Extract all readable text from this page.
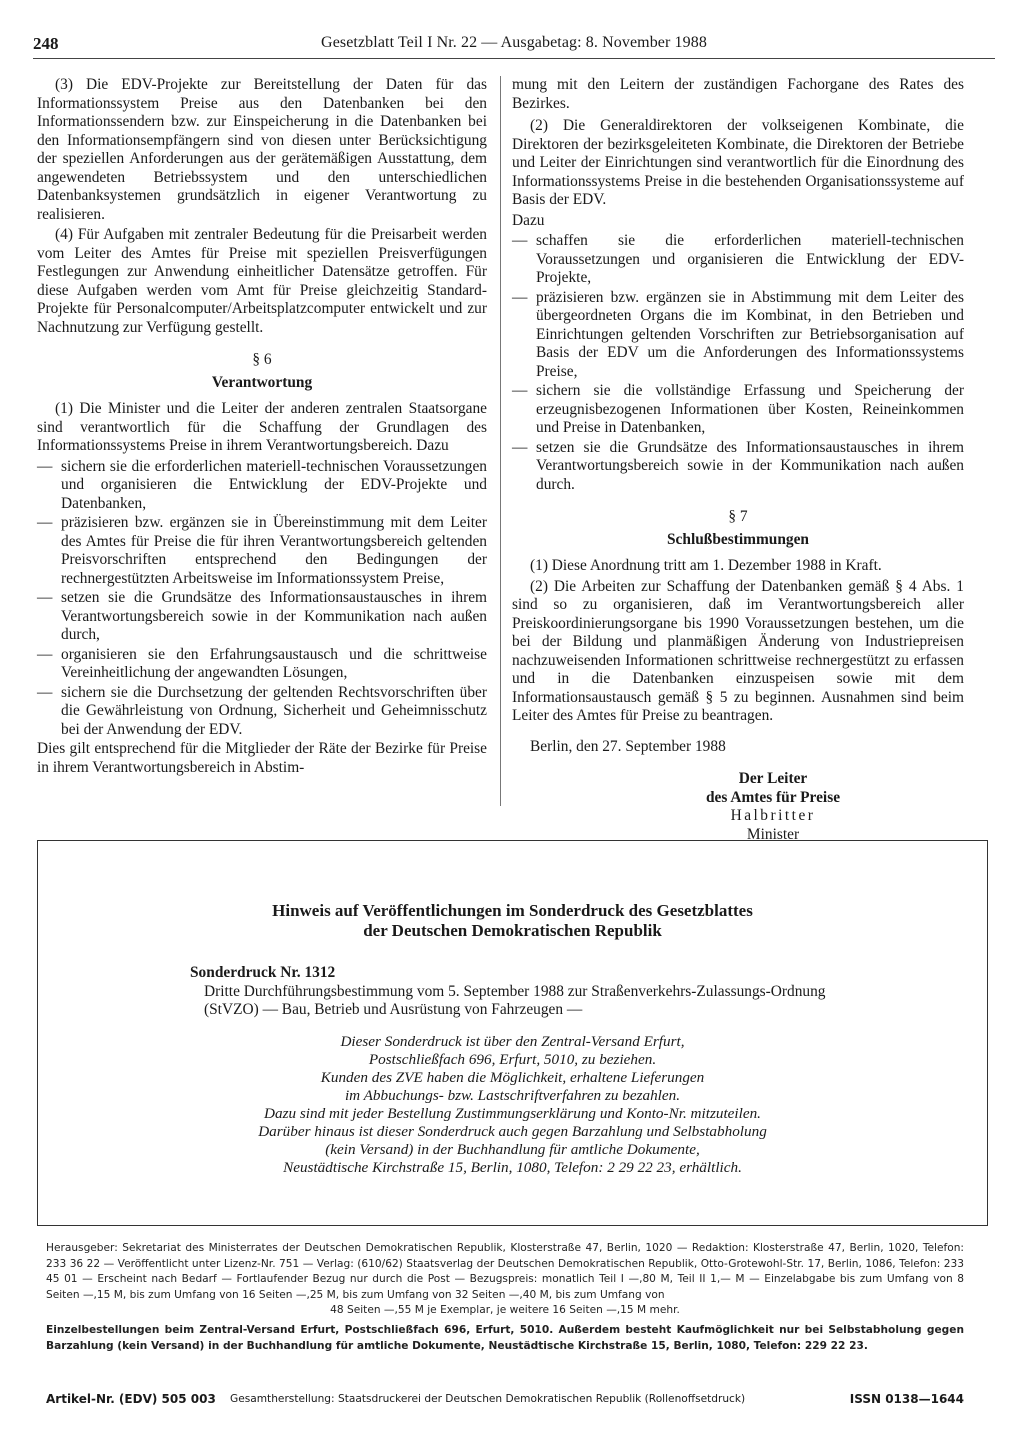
248	Gesetzblatt Teil I Nr. 22 — Ausgabetag: 8. November 1988

(3) Die EDV-Projekte zur Bereitstellung der Daten für das Informationssystem Preise aus den Datenbanken bei den Informationssendern bzw. zur Einspeicherung in die Datenbanken bei den Informationsempfängern sind von diesen unter Berücksichtigung der speziellen Anforderungen aus der gerätemäßigen Ausstattung, dem angewendeten Betriebssystem und den unterschiedlichen Datenbanksystemen grundsätzlich in eigener Verantwortung zu realisieren.

(4) Für Aufgaben mit zentraler Bedeutung für die Preisarbeit werden vom Leiter des Amtes für Preise mit speziellen Preisverfügungen Festlegungen zur Anwendung einheitlicher Datensätze getroffen. Für diese Aufgaben werden vom Amt für Preise gleichzeitig Standard-Projekte für Personalcomputer/Arbeitsplatzcomputer entwickelt und zur Nachnutzung zur Verfügung gestellt.

§ 6
Verantwortung

(1) Die Minister und die Leiter der anderen zentralen Staatsorgane sind verantwortlich für die Schaffung der Grundlagen des Informationssystems Preise in ihrem Verantwortungsbereich. Dazu

— sichern sie die erforderlichen materiell-technischen Voraussetzungen und organisieren die Entwicklung der EDV-Projekte und Datenbanken,
— präzisieren bzw. ergänzen sie in Übereinstimmung mit dem Leiter des Amtes für Preise die für ihren Verantwortungsbereich geltenden Preisvorschriften entsprechend den Bedingungen der rechnergestützten Arbeitsweise im Informationssystem Preise,
— setzen sie die Grundsätze des Informationsaustausches in ihrem Verantwortungsbereich sowie in der Kommunikation nach außen durch,
— organisieren sie den Erfahrungsaustausch und die schrittweise Vereinheitlichung der angewandten Lösungen,
— sichern sie die Durchsetzung der geltenden Rechtsvorschriften über die Gewährleistung von Ordnung, Sicherheit und Geheimnisschutz bei der Anwendung der EDV.

Dies gilt entsprechend für die Mitglieder der Räte der Bezirke für Preise in ihrem Verantwortungsbereich in Abstim-

mung mit den Leitern der zuständigen Fachorgane des Rates des Bezirkes.

(2) Die Generaldirektoren der volkseigenen Kombinate, die Direktoren der bezirksgeleiteten Kombinate, die Direktoren der Betriebe und Leiter der Einrichtungen sind verantwortlich für die Einordnung des Informationssystems Preise in die bestehenden Organisationssysteme auf Basis der EDV.

Dazu

— schaffen sie die erforderlichen materiell-technischen Voraussetzungen und organisieren die Entwicklung der EDV-Projekte,
— präzisieren bzw. ergänzen sie in Abstimmung mit dem Leiter des übergeordneten Organs die im Kombinat, in den Betrieben und Einrichtungen geltenden Vorschriften zur Betriebsorganisation auf Basis der EDV um die Anforderungen des Informationssystems Preise,
— sichern sie die vollständige Erfassung und Speicherung der erzeugnisbezogenen Informationen über Kosten, Reineinkommen und Preise in Datenbanken,
— setzen sie die Grundsätze des Informationsaustausches in ihrem Verantwortungsbereich sowie in der Kommunikation nach außen durch.
§ 7
Schlußbestimmungen

(1) Diese Anordnung tritt am 1. Dezember 1988 in Kraft.

(2) Die Arbeiten zur Schaffung der Datenbanken gemäß § 4 Abs. 1 sind so zu organisieren, daß im Verantwortungsbereich aller Preiskoordinierungsorgane bis 1990 Voraussetzungen bestehen, um die bei der Bildung und planmäßigen Änderung von Industriepreisen nachzuweisenden Informationen schrittweise rechnergestützt zu erfassen und in die Datenbanken einzuspeisen sowie mit dem Informationsaustausch gemäß § 5 zu beginnen. Ausnahmen sind beim Leiter des Amtes für Preise zu beantragen.

Berlin, den 27. September 1988
Der Leiter
des Amtes für Preise
Halbritter
Minister
Hinweis auf Veröffentlichungen im Sonderdruck des Gesetzblattes
der Deutschen Demokratischen Republik
Sonderdruck Nr. 1312
Dritte Durchführungsbestimmung vom 5. September 1988 zur Straßenverkehrs-Zulassungs-Ordnung (StVZO) — Bau, Betrieb und Ausrüstung von Fahrzeugen —
Dieser Sonderdruck ist über den Zentral-Versand Erfurt,
Postschließfach 696, Erfurt, 5010, zu beziehen.
Kunden des ZVE haben die Möglichkeit, erhaltene Lieferungen
im Abbuchungs- bzw. Lastschriftverfahren zu bezahlen.
Dazu sind mit jeder Bestellung Zustimmungserklärung und Konto-Nr. mitzuteilen.
Darüber hinaus ist dieser Sonderdruck auch gegen Barzahlung und Selbstabholung
(kein Versand) in der Buchhandlung für amtliche Dokumente,
Neustädtische Kirchstraße 15, Berlin, 1080, Telefon: 2 29 22 23, erhältlich.

Herausgeber: Sekretariat des Ministerrates der Deutschen Demokratischen Republik, Klosterstraße 47, Berlin, 1020 — Redaktion: Klosterstraße 47, Berlin, 1020, Telefon: 233 36 22 — Veröffentlicht unter Lizenz-Nr. 751 — Verlag: (610/62) Staatsverlag der Deutschen Demokratischen Republik, Otto-Grotewohl-Str. 17, Berlin, 1086, Telefon: 233 45 01 — Erscheint nach Bedarf — Fortlaufender Bezug nur durch die Post — Bezugspreis: monatlich Teil I —,80 M, Teil II 1,— M — Einzelabgabe bis zum Umfang von 8 Seiten —,15 M, bis zum Umfang von 16 Seiten —,25 M, bis zum Umfang von 32 Seiten —,40 M, bis zum Umfang von

48 Seiten —,55 M je Exemplar, je weitere 16 Seiten —,15 M mehr.

Einzelbestellungen beim Zentral-Versand Erfurt, Postschließfach 696, Erfurt, 5010. Außerdem besteht Kaufmöglichkeit nur bei Selbstabholung gegen Barzahlung (kein Versand) in der Buchhandlung für amtliche Dokumente, Neustädtische Kirchstraße 15, Berlin, 1080, Telefon: 229 22 23.

Artikel-Nr. (EDV) 505 003 Gesamtherstellung: Staatsdruckerei der Deutschen Demokratischen Republik (Rollenoffsetdruck)	ISSN 0138—1644
